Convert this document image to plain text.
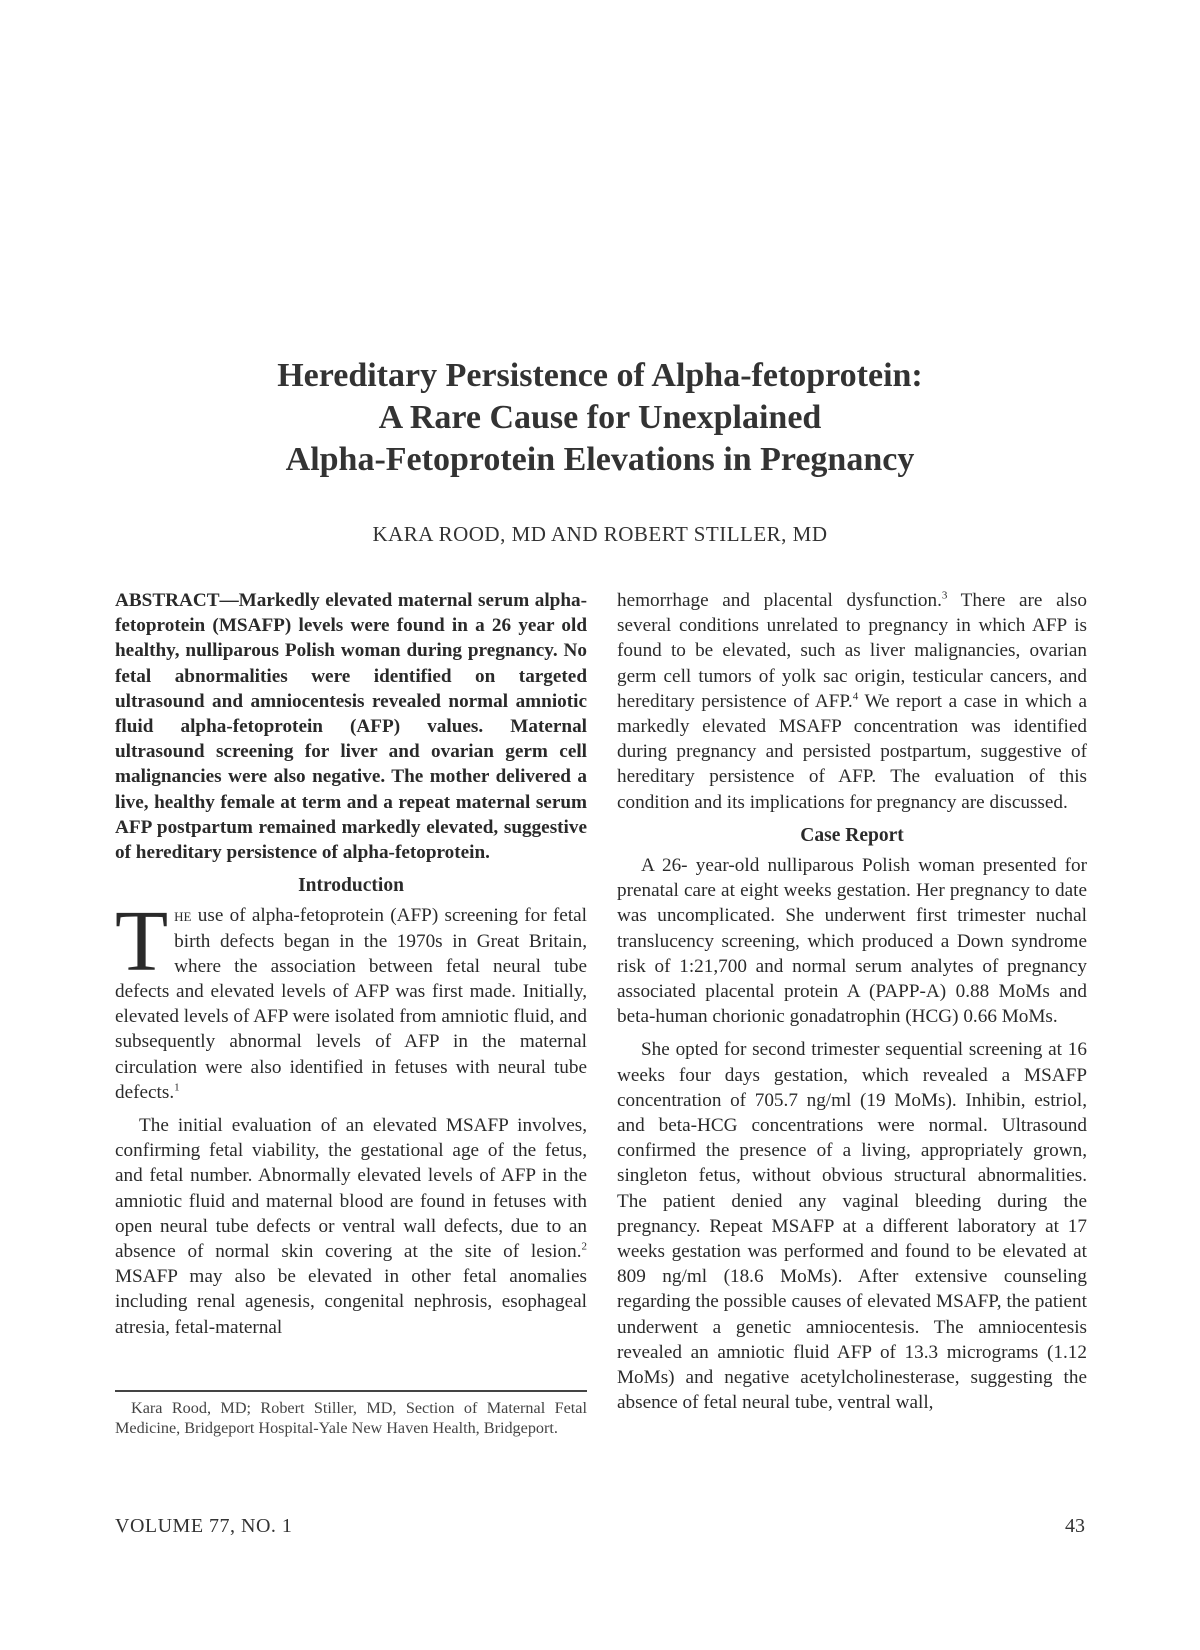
Hereditary Persistence of Alpha-fetoprotein:
A Rare Cause for Unexplained
Alpha-Fetoprotein Elevations in Pregnancy
KARA ROOD, MD AND ROBERT STILLER, MD

ABSTRACT—Markedly elevated maternal serum alpha-fetoprotein (MSAFP) levels were found in a 26 year old healthy, nulliparous Polish woman during pregnancy. No fetal abnormalities were identified on targeted ultrasound and amniocentesis revealed normal amniotic fluid alpha-fetoprotein (AFP) values. Maternal ultrasound screening for liver and ovarian germ cell malignancies were also negative. The mother delivered a live, healthy female at term and a repeat maternal serum AFP postpartum remained markedly elevated, suggestive of hereditary persistence of alpha-fetoprotein.

Introduction

The use of alpha-fetoprotein (AFP) screening for fetal birth defects began in the 1970s in Great Britain, where the association between fetal neural tube defects and elevated levels of AFP was first made. Initially, elevated levels of AFP were isolated from amniotic fluid, and subsequently abnormal levels of AFP in the maternal circulation were also identified in fetuses with neural tube defects.$^1$

The initial evaluation of an elevated MSAFP involves, confirming fetal viability, the gestational age of the fetus, and fetal number. Abnormally elevated levels of AFP in the amniotic fluid and maternal blood are found in fetuses with open neural tube defects or ventral wall defects, due to an absence of normal skin covering at the site of lesion.$^2$ MSAFP may also be elevated in other fetal anomalies including renal agenesis, congenital nephrosis, esophageal atresia, fetal-maternal

hemorrhage and placental dysfunction.$^3$ There are also several conditions unrelated to pregnancy in which AFP is found to be elevated, such as liver malignancies, ovarian germ cell tumors of yolk sac origin, testicular cancers, and hereditary persistence of AFP.$^4$ We report a case in which a markedly elevated MSAFP concentration was identified during pregnancy and persisted postpartum, suggestive of hereditary persistence of AFP. The evaluation of this condition and its implications for pregnancy are discussed.

Case Report

A 26- year-old nulliparous Polish woman presented for prenatal care at eight weeks gestation. Her pregnancy to date was uncomplicated. She underwent first trimester nuchal translucency screening, which produced a Down syndrome risk of 1:21,700 and normal serum analytes of pregnancy associated placental protein A (PAPP-A) 0.88 MoMs and beta-human chorionic gonadatrophin (HCG) 0.66 MoMs.

She opted for second trimester sequential screening at 16 weeks four days gestation, which revealed a MSAFP concentration of 705.7 ng/ml (19 MoMs). Inhibin, estriol, and beta-HCG concentrations were normal. Ultrasound confirmed the presence of a living, appropriately grown, singleton fetus, without obvious structural abnormalities. The patient denied any vaginal bleeding during the pregnancy. Repeat MSAFP at a different laboratory at 17 weeks gestation was performed and found to be elevated at 809 ng/ml (18.6 MoMs). After extensive counseling regarding the possible causes of elevated MSAFP, the patient underwent a genetic amniocentesis. The amniocentesis revealed an amniotic fluid AFP of 13.3 micrograms (1.12 MoMs) and negative acetylcholinesterase, suggesting the absence of fetal neural tube, ventral wall,

Kara Rood, MD; Robert Stiller, MD, Section of Maternal Fetal Medicine, Bridgeport Hospital-Yale New Haven Health, Bridgeport.

VOLUME 77, NO. 1	43
